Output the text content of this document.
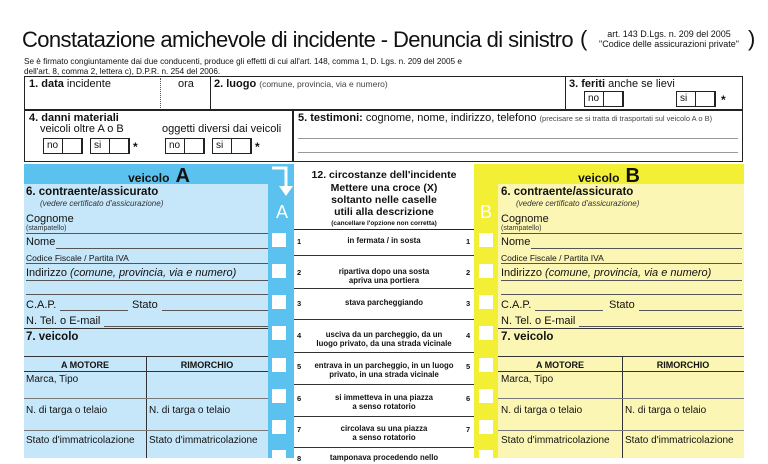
Constatazione amichevole di incidente - Denuncia di sinistro (	art. 143 D.Lgs. n. 209 del 2005
"Codice delle assicurazioni private" )
Se è firmato congiuntamente dai due conducenti, produce gli effetti di cui all'art. 148, comma 1, D. Lgs. n. 209 del 2005 e
dell'art. 8, comma 2, lettera c), D.P.R. n. 254 del 2006.
1. data incidente	ora 2. luogo (comune, provincia, via e numero)	3. feriti anche se lievi
no	si	*
4. danni materiali
veicoli oltre A o B	oggetti diversi dai veicoli
no	si	*	no	si	*
5. testimoni: cognome, nome, indirizzo, telefono (precisare se si tratta di trasportati sul veicolo A o B)
veicolo A
6. contraente/assicurato
(vedere certificato d'assicurazione)
Cognome
(stampatello)
Nome
Codice Fiscale / Partita IVA
Indirizzo (comune, provincia, via e numero)
C.A.P.	Stato
N. Tel. o E-mail
7. veicolo
A MOTORE	RIMORCHIO
Marca, Tipo
N. di targa o telaio	N. di targa o telaio
Stato d'immatricolazione Stato d'immatricolazione
12. circostanze dell'incidente
Mettere una croce (X)
soltanto nelle caselle
utili alla descrizione
(cancellare l'opzione non corretta)
in fermata / in sosta
1	1
ripartiva dopo una sosta
apriva una portiera
2	2
stava parcheggiando
3	3
usciva da un parcheggio, da un
luogo privato, da una strada vicinale
4	4
entrava in un parcheggio, in un luogo
privato, in una strada vicinale
5	5
si immetteva in una piazza
a senso rotatorio
6	6
circolava su una piazza
a senso rotatorio
7	7
tamponava procedendo nello
8
A
veicolo B
B
6. contraente/assicurato
(vedere certificato d'assicurazione)
Cognome
(stampatello)
Nome
Codice Fiscale / Partita IVA
Indirizzo (comune, provincia, via e numero)
C.A.P.	Stato
N. Tel. o E-mail
7. veicolo
A MOTORE	RIMORCHIO
Marca, Tipo
N. di targa o telaio	N. di targa o telaio
Stato d'immatricolazione Stato d'immatricolazione
